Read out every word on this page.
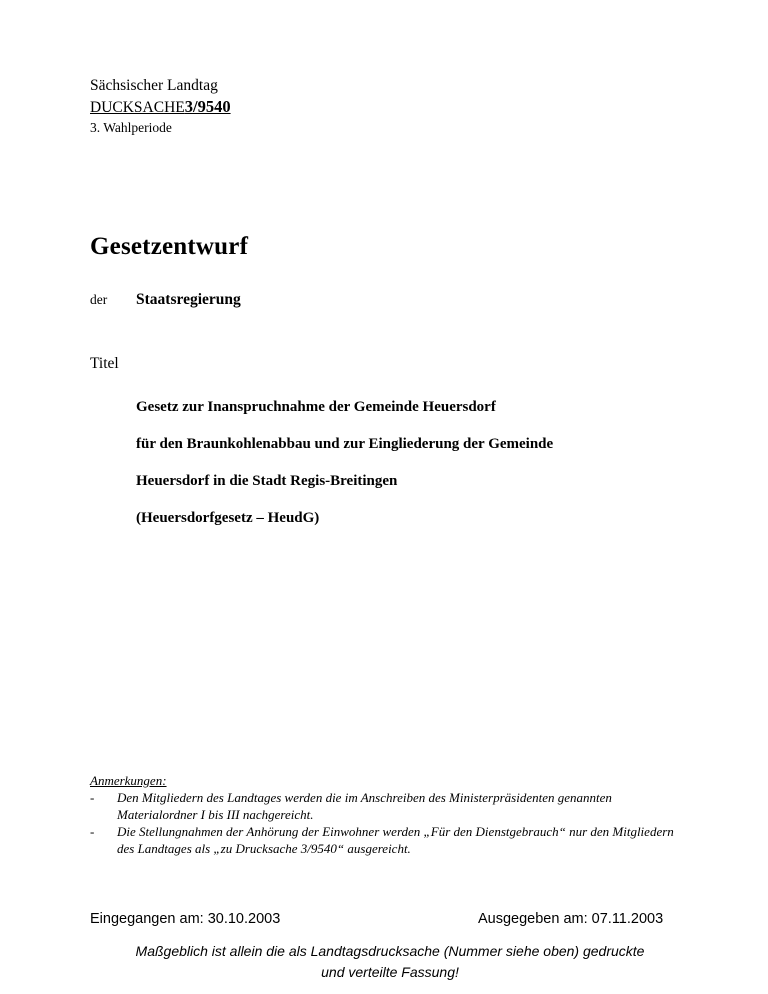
Sächsischer Landtag
DUCKSACHE3/9540
3. Wahlperiode
Gesetzentwurf
der Staatsregierung
Titel
Gesetz zur Inanspruchnahme der Gemeinde Heuersdorf
für den Braunkohlenabbau und zur Eingliederung der Gemeinde
Heuersdorf in die Stadt Regis-Breitingen
(Heuersdorfgesetz – HeudG)
Anmerkungen:
- Den Mitgliedern des Landtages werden die im Anschreiben des Ministerpräsidenten genannten Materialordner I bis III nachgereicht.
- Die Stellungnahmen der Anhörung der Einwohner werden „Für den Dienstgebrauch“ nur den Mitgliedern des Landtages als „zu Drucksache 3/9540“ ausgereicht.
Eingegangen am: 30.10.2003	Ausgegeben am: 07.11.2003
Maßgeblich ist allein die als Landtagsdrucksache (Nummer siehe oben) gedruckte
und verteilte Fassung!
